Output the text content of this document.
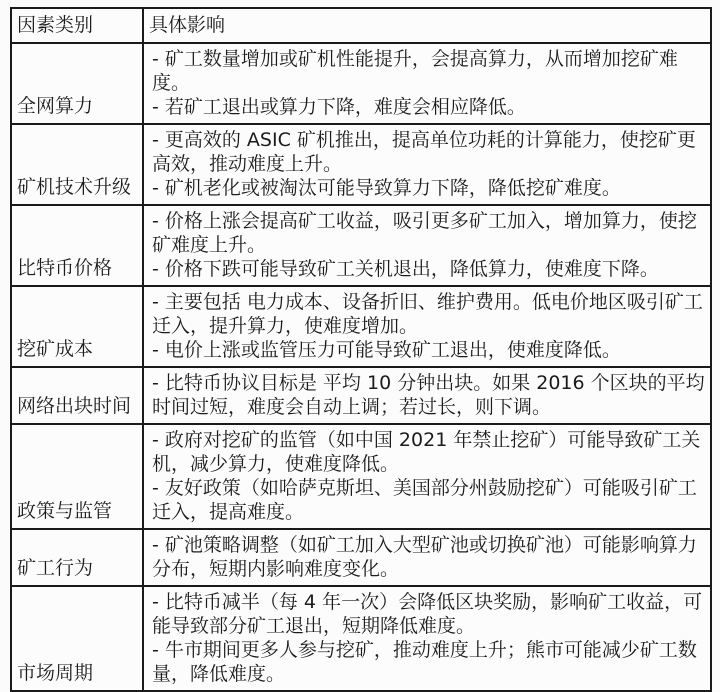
因素类别	具体影响
全网算力	- 矿工数量增加或矿机性能提升，会提高算力，从而增加挖矿难度。
- 若矿工退出或算力下降，难度会相应降低。

矿机技术升级	- 更高效的 ASIC 矿机推出，提高单位功耗的计算能力，使挖矿更高效，推动难度上升。
- 矿机老化或被淘汰可能导致算力下降，降低挖矿难度。

比特币价格	- 价格上涨会提高矿工收益，吸引更多矿工加入，增加算力，使挖矿难度上升。
- 价格下跌可能导致矿工关机退出，降低算力，使难度下降。

挖矿成本	- 主要包括 电力成本、设备折旧、维护费用。低电价地区吸引矿工迁入，提升算力，使难度增加。
- 电价上涨或监管压力可能导致矿工退出，使难度降低。

网络出块时间	- 比特币协议目标是 平均 10 分钟出块。如果 2016 个区块的平均时间过短，难度会自动上调；若过长，则下调。

政策与监管	- 政府对挖矿的监管（如中国 2021 年禁止挖矿）可能导致矿工关机，减少算力，使难度降低。
- 友好政策（如哈萨克斯坦、美国部分州鼓励挖矿）可能吸引矿工迁入，提高难度。

矿工行为	- 矿池策略调整（如矿工加入大型矿池或切换矿池）可能影响算力分布，短期内影响难度变化。

市场周期	- 比特币减半（每 4 年一次）会降低区块奖励，影响矿工收益，可能导致部分矿工退出，短期降低难度。
- 牛市期间更多人参与挖矿，推动难度上升；熊市可能减少矿工数量，降低难度。
